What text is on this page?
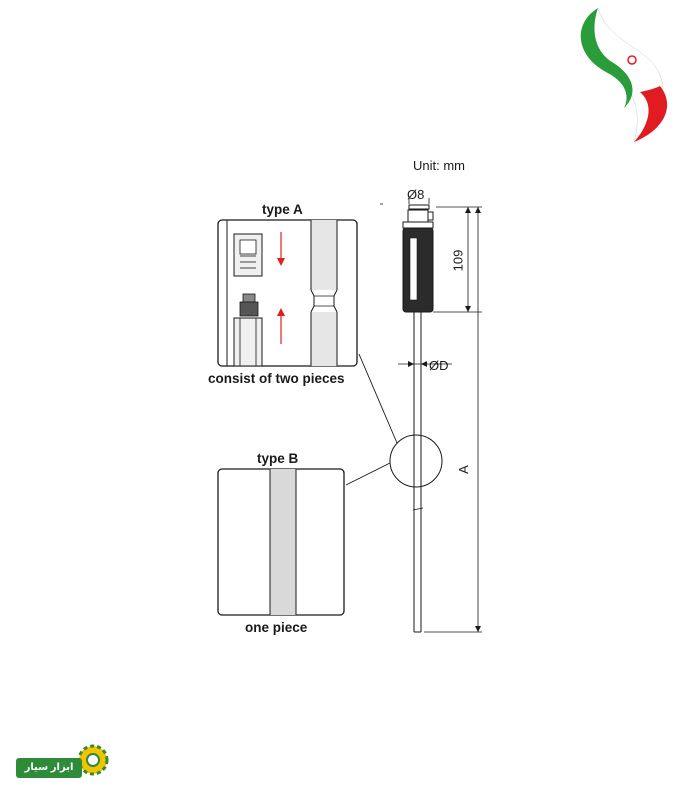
Unit: mm
Ø8
ØD
109
A
type A
consist of two pieces
type B
one piece
ابزار سیار
